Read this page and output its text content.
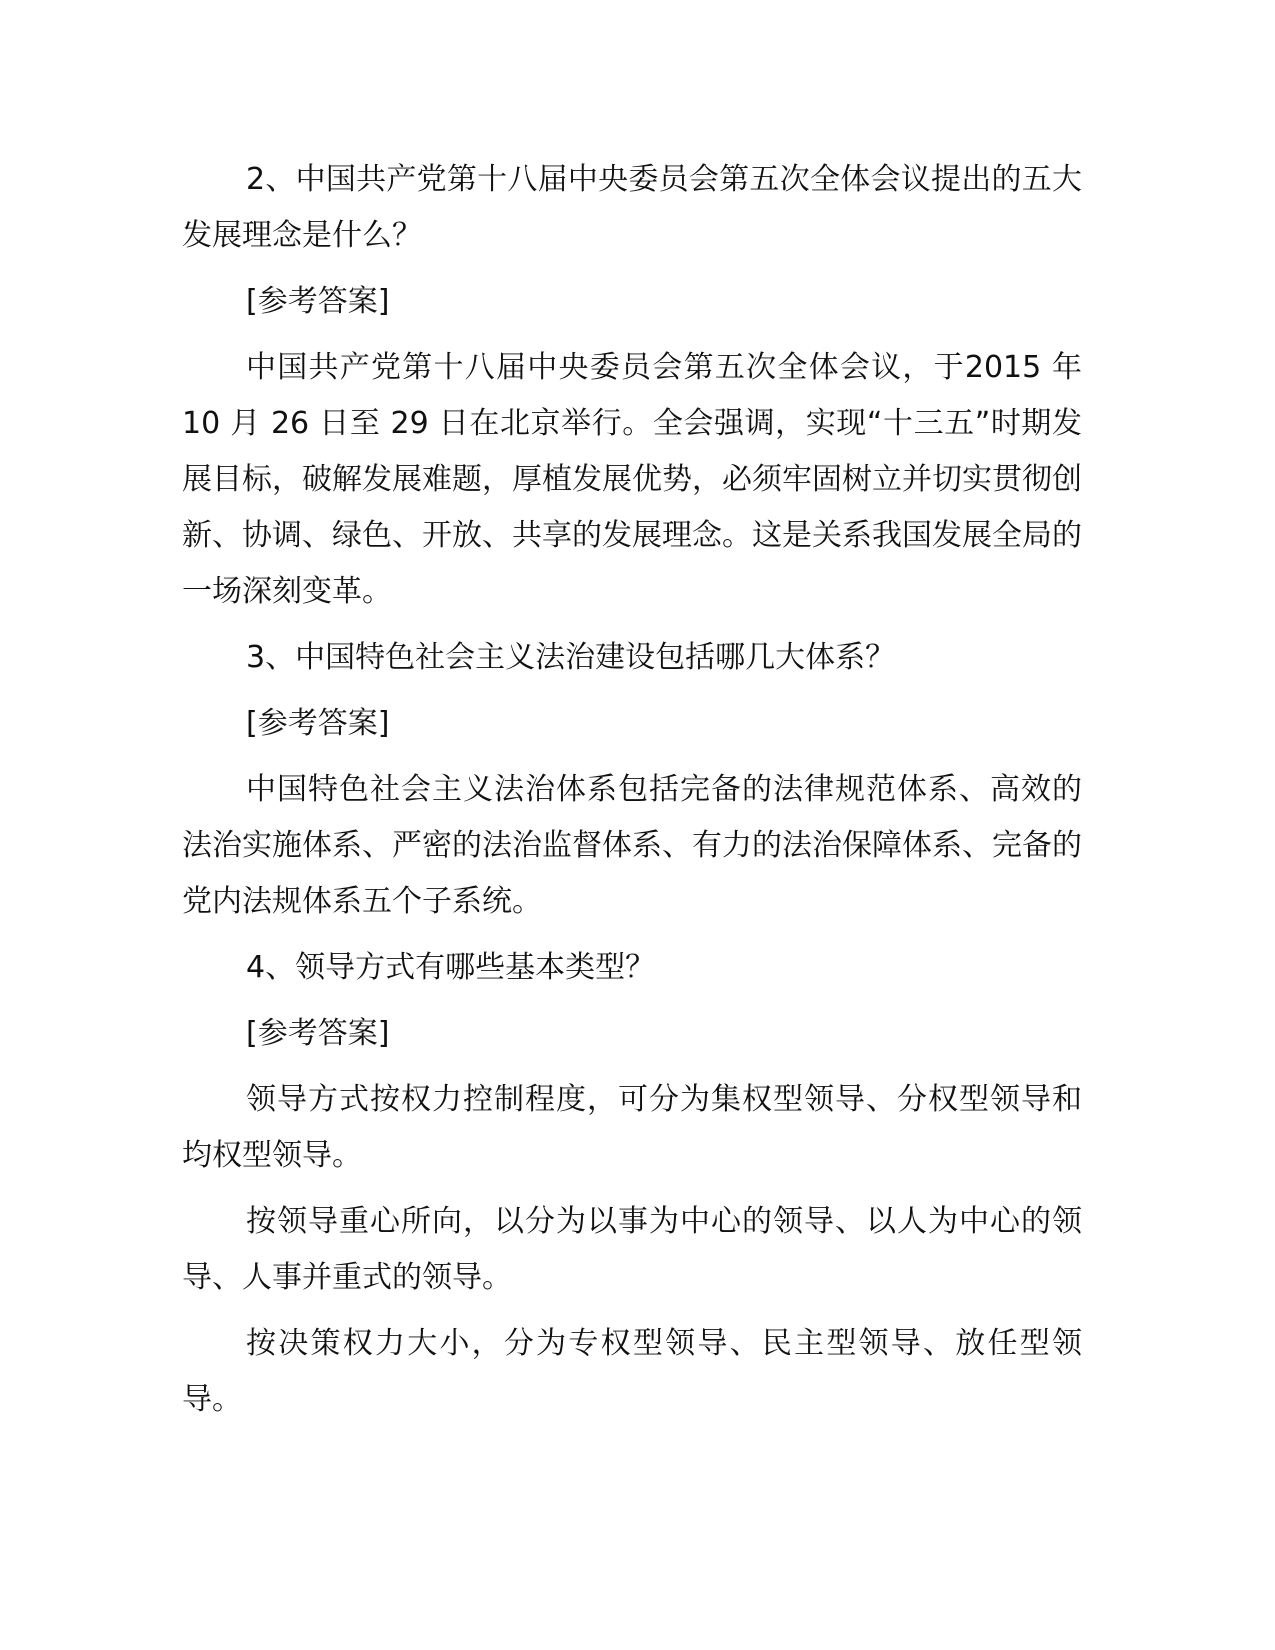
2、中国共产党第十八届中央委员会第五次全体会议提出的五大发展理念是什么？

[参考答案]

中国共产党第十八届中央委员会第五次全体会议，于2015 年 10 月 26 日至 29 日在北京举行。全会强调，实现“十三五”时期发展目标，破解发展难题，厚植发展优势，必须牢固树立并切实贯彻创新、协调、绿色、开放、共享的发展理念。这是关系我国发展全局的一场深刻变革。

3、中国特色社会主义法治建设包括哪几大体系？

[参考答案]

中国特色社会主义法治体系包括完备的法律规范体系、高效的法治实施体系、严密的法治监督体系、有力的法治保障体系、完备的党内法规体系五个子系统。

4、领导方式有哪些基本类型？

[参考答案]

领导方式按权力控制程度，可分为集权型领导、分权型领导和均权型领导。

按领导重心所向，以分为以事为中心的领导、以人为中心的领导、人事并重式的领导。

按决策权力大小，分为专权型领导、民主型领导、放任型领导。
